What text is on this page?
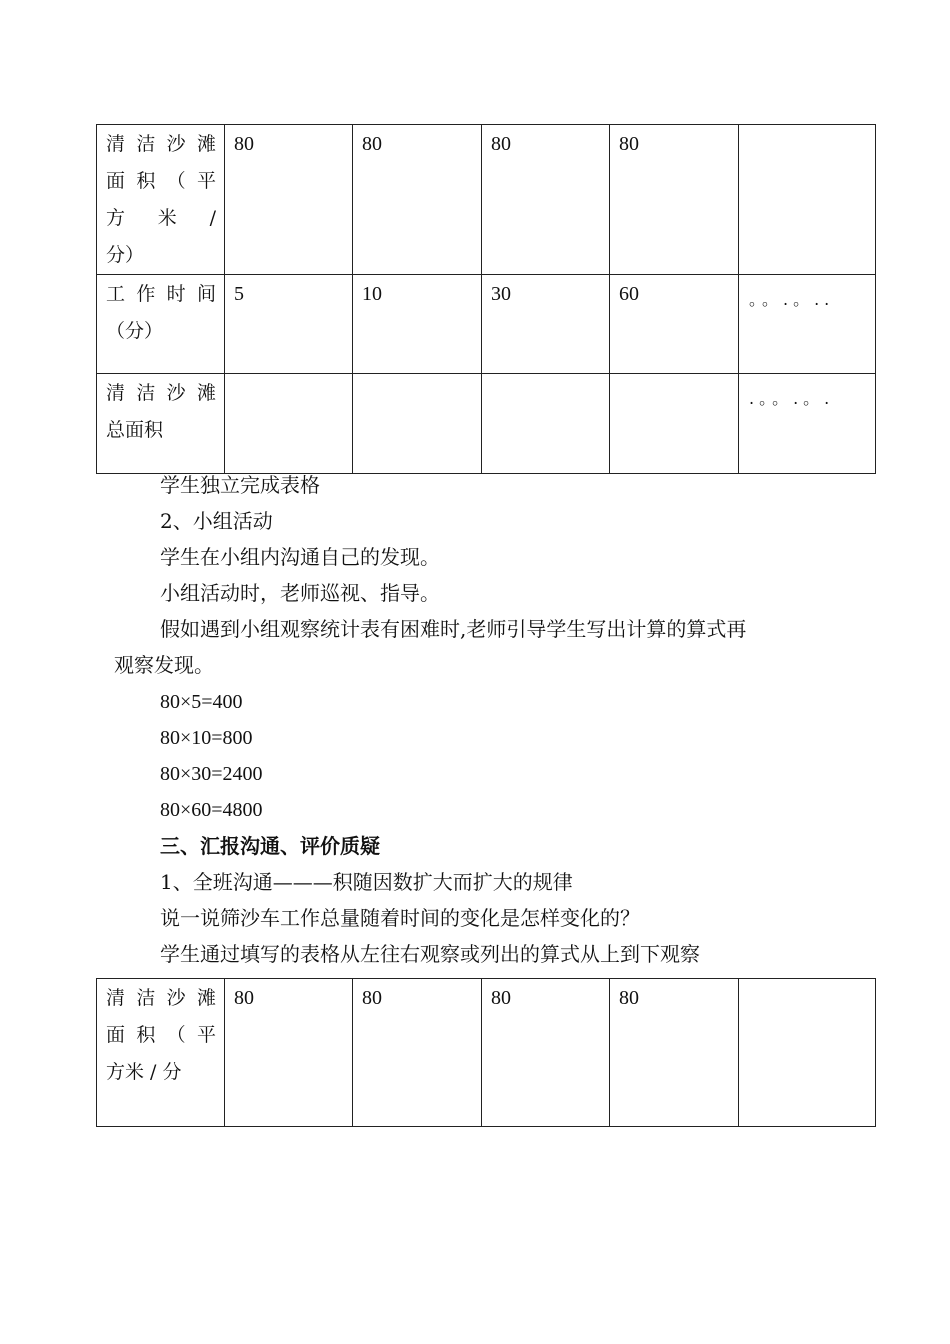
清 洁 沙 滩
面 积 （ 平
方 米 /
分）	80	80	80	80	

工 作 时 间
（分）	5	10	30	60	。。.。..

清 洁 沙 滩
总面积					.。。.。.
学生独立完成表格
2、小组活动
学生在小组内沟通自己的发现。
小组活动时，老师巡视、指导。
假如遇到小组观察统计表有困难时,老师引导学生写出计算的算式再
观察发现。
80×5=400
80×10=800
80×30=2400
80×60=4800
三、汇报沟通、评价质疑
1、全班沟通———积随因数扩大而扩大的规律
说一说筛沙车工作总量随着时间的变化是怎样变化的？
学生通过填写的表格从左往右观察或列出的算式从上到下观察
清 洁 沙 滩
面 积 （ 平
方米 / 分
	80	80	80	80	
